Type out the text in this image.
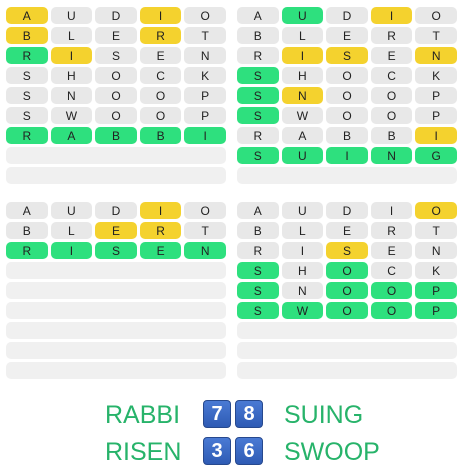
A	U	D	I	O
B	L	E	R	T
R	I	S	E	N
S	H	O	C	K
S	N	O	O	P
S	W	O	O	P
R	A	B	B	I
A	U	D	I	O
B	L	E	R	T
R	I	S	E	N
S	H	O	C	K
S	N	O	O	P
S	W	O	O	P
R	A	B	B	I
S	U	I	N	G
A	U	D	I	O
B	L	E	R	T
R	I	S	E	N
A	U	D	I	O
B	L	E	R	T
R	I	S	E	N
S	H	O	C	K
S	N	O	O	P
S	W	O	O	P
RABBI	7	8	SUING
RISEN	3	6	SWOOP
